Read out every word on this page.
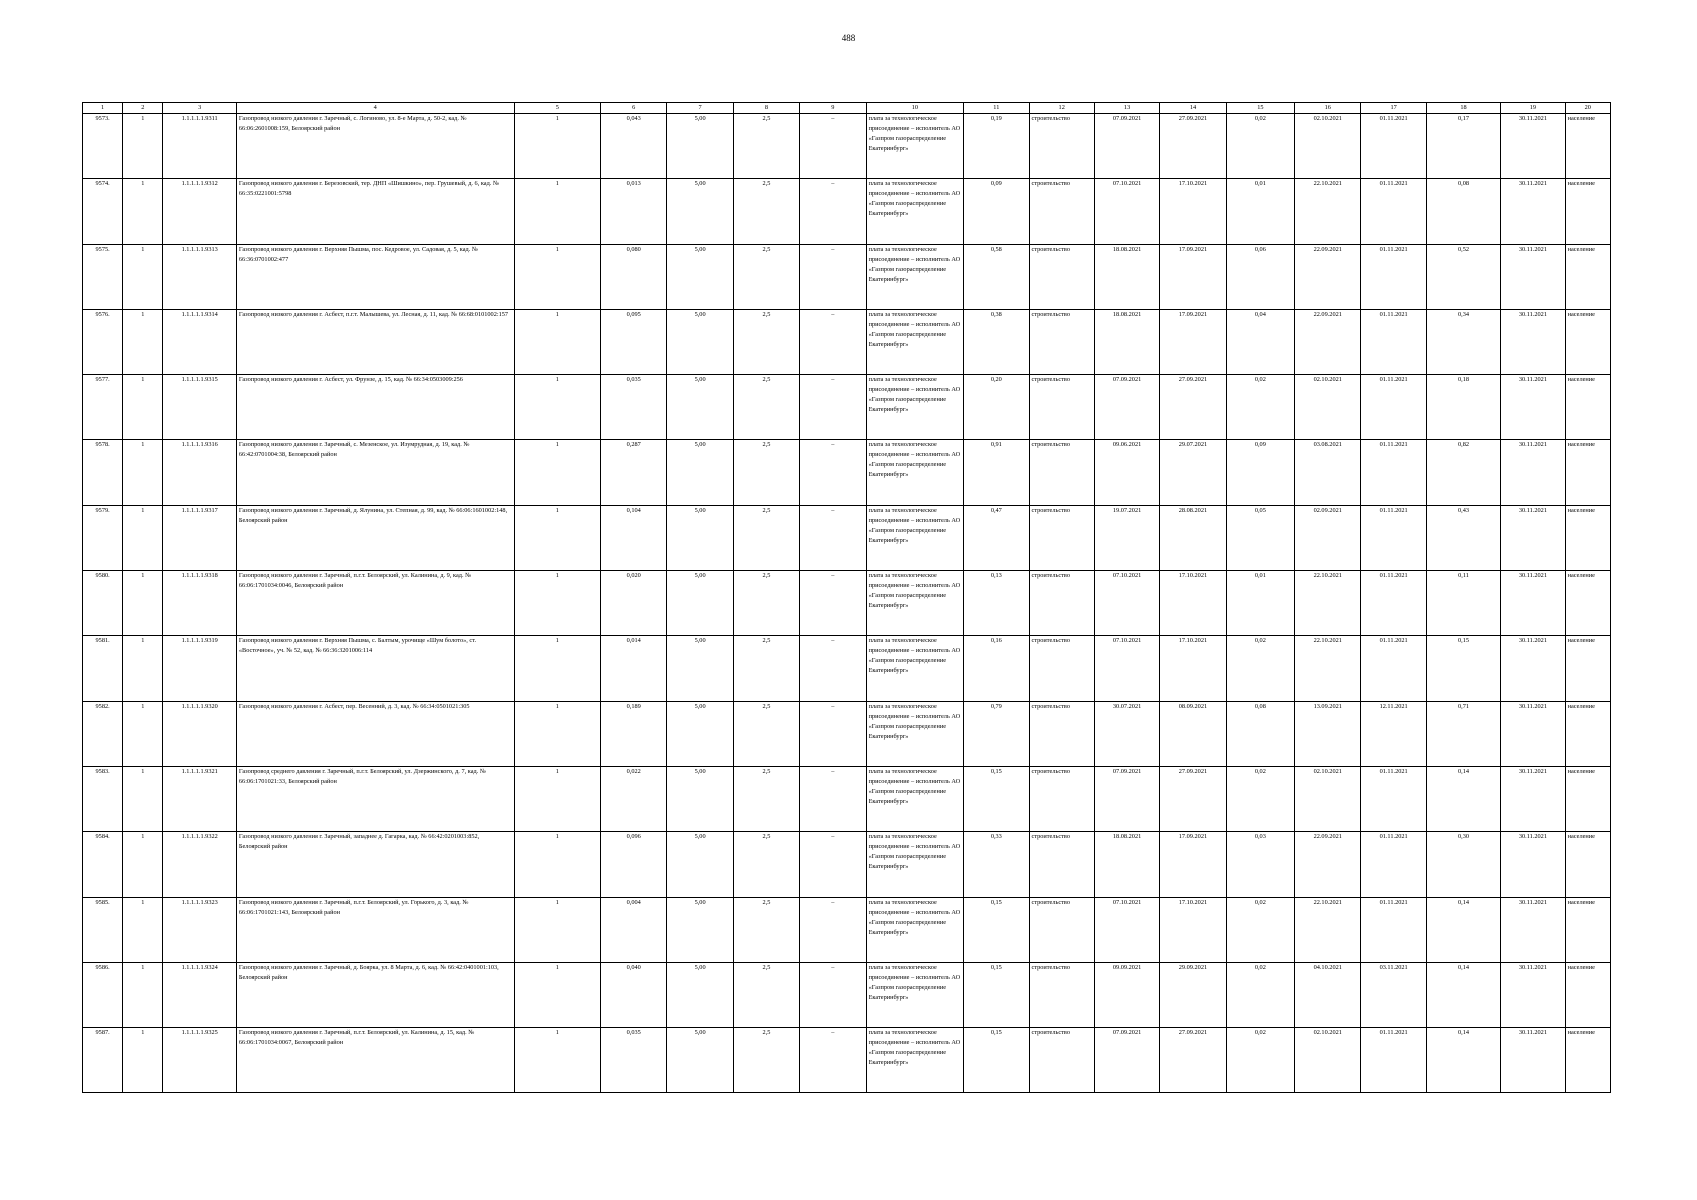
488
1	2	3	4	5	6	7	8	9	10	11	12	13	14	15	16	17	18	19	20
9573.	1	1.1.1.1.1.9311	Газопровод низкого давления г. Заречный, с. Логиново, ул. 8-е Марта, д. 50-2, кад. № 66:06:2601008:159, Белоярский район	1	0,043	5,00	2,5	–	плата за технологическое присоединение – исполнитель АО «Газпром газораспределение Екатеринбург»	0,19	строительство	07.09.2021	27.09.2021	0,02	02.10.2021	01.11.2021	0,17	30.11.2021	население
9574.	1	1.1.1.1.1.9312	Газопровод низкого давления г. Березовский, тер. ДНП «Шишкино», пер. Грушевый, д. 6, кад. № 66:35:0221001:5798	1	0,013	5,00	2,5	–	плата за технологическое присоединение – исполнитель АО «Газпром газораспределение Екатеринбург»	0,09	строительство	07.10.2021	17.10.2021	0,01	22.10.2021	01.11.2021	0,08	30.11.2021	население
9575.	1	1.1.1.1.1.9313	Газопровод низкого давления г. Верхняя Пышма, пос. Кедровое, ул. Садовая, д. 5, кад. № 66:36:0701002:477	1	0,080	5,00	2,5	–	плата за технологическое присоединение – исполнитель АО «Газпром газораспределение Екатеринбург»	0,58	строительство	18.08.2021	17.09.2021	0,06	22.09.2021	01.11.2021	0,52	30.11.2021	население
9576.	1	1.1.1.1.1.9314	Газопровод низкого давления г. Асбест, п.г.т. Малышева, ул. Лесная, д. 11, кад. № 66:68:0101002:157	1	0,095	5,00	2,5	–	плата за технологическое присоединение – исполнитель АО «Газпром газораспределение Екатеринбург»	0,38	строительство	18.08.2021	17.09.2021	0,04	22.09.2021	01.11.2021	0,34	30.11.2021	население
9577.	1	1.1.1.1.1.9315	Газопровод низкого давления г. Асбест, ул. Фрунзе, д. 15, кад. № 66:34:0503009:256	1	0,035	5,00	2,5	–	плата за технологическое присоединение – исполнитель АО «Газпром газораспределение Екатеринбург»	0,20	строительство	07.09.2021	27.09.2021	0,02	02.10.2021	01.11.2021	0,18	30.11.2021	население
9578.	1	1.1.1.1.1.9316	Газопровод низкого давления г. Заречный, с. Мезенское, ул. Изумрудная, д. 19, кад. № 66:42:0701004:38, Белоярский район	1	0,287	5,00	2,5	–	плата за технологическое присоединение – исполнитель АО «Газпром газораспределение Екатеринбург»	0,91	строительство	09.06.2021	29.07.2021	0,09	03.08.2021	01.11.2021	0,82	30.11.2021	население
9579.	1	1.1.1.1.1.9317	Газопровод низкого давления г. Заречный, д. Ялунина, ул. Степная, д. 99, кад. № 66:06:1601002:148, Белоярский район	1	0,104	5,00	2,5	–	плата за технологическое присоединение – исполнитель АО «Газпром газораспределение Екатеринбург»	0,47	строительство	19.07.2021	28.08.2021	0,05	02.09.2021	01.11.2021	0,43	30.11.2021	население
9580.	1	1.1.1.1.1.9318	Газопровод низкого давления г. Заречный, п.г.т. Белоярский, ул. Калинина, д. 9, кад. № 66:06:1701034:0046, Белоярский район	1	0,020	5,00	2,5	–	плата за технологическое присоединение – исполнитель АО «Газпром газораспределение Екатеринбург»	0,13	строительство	07.10.2021	17.10.2021	0,01	22.10.2021	01.11.2021	0,11	30.11.2021	население
9581.	1	1.1.1.1.1.9319	Газопровод низкого давления г. Верхняя Пышма, с. Балтым, урочище «Шум болото», ст. «Восточное», уч. № 52, кад. № 66:36:3201006:114	1	0,014	5,00	2,5	–	плата за технологическое присоединение – исполнитель АО «Газпром газораспределение Екатеринбург»	0,16	строительство	07.10.2021	17.10.2021	0,02	22.10.2021	01.11.2021	0,15	30.11.2021	население
9582.	1	1.1.1.1.1.9320	Газопровод низкого давления г. Асбест, пер. Весенний, д. 3, кад. № 66:34:0501021:305	1	0,189	5,00	2,5	–	плата за технологическое присоединение – исполнитель АО «Газпром газораспределение Екатеринбург»	0,79	строительство	30.07.2021	08.09.2021	0,08	13.09.2021	12.11.2021	0,71	30.11.2021	население
9583.	1	1.1.1.1.1.9321	Газопровод среднего давления г. Заречный, п.г.т. Белоярский, ул. Дзержинского, д. 7, кад. № 66:06:1701021:33, Белоярский район	1	0,022	5,00	2,5	–	плата за технологическое присоединение – исполнитель АО «Газпром газораспределение Екатеринбург»	0,15	строительство	07.09.2021	27.09.2021	0,02	02.10.2021	01.11.2021	0,14	30.11.2021	население
9584.	1	1.1.1.1.1.9322	Газопровод низкого давления г. Заречный, западнее д. Гагарка, кад. № 66:42:0201003:852, Белоярский район	1	0,096	5,00	2,5	–	плата за технологическое присоединение – исполнитель АО «Газпром газораспределение Екатеринбург»	0,33	строительство	18.08.2021	17.09.2021	0,03	22.09.2021	01.11.2021	0,30	30.11.2021	население
9585.	1	1.1.1.1.1.9323	Газопровод низкого давления г. Заречный, п.г.т. Белоярский, ул. Горького, д. 3, кад. № 66:06:1701021:143, Белоярский район	1	0,004	5,00	2,5	–	плата за технологическое присоединение – исполнитель АО «Газпром газораспределение Екатеринбург»	0,15	строительство	07.10.2021	17.10.2021	0,02	22.10.2021	01.11.2021	0,14	30.11.2021	население
9586.	1	1.1.1.1.1.9324	Газопровод низкого давления г. Заречный, д. Боярка, ул. 8 Марта, д. 6, кад. № 66:42:0401001:103, Белоярский район	1	0,040	5,00	2,5	–	плата за технологическое присоединение – исполнитель АО «Газпром газораспределение Екатеринбург»	0,15	строительство	09.09.2021	29.09.2021	0,02	04.10.2021	03.11.2021	0,14	30.11.2021	население
9587.	1	1.1.1.1.1.9325	Газопровод низкого давления г. Заречный, п.г.т. Белоярский, ул. Калинина, д. 15, кад. № 66:06:1701034:0067, Белоярский район	1	0,035	5,00	2,5	–	плата за технологическое присоединение – исполнитель АО «Газпром газораспределение Екатеринбург»	0,15	строительство	07.09.2021	27.09.2021	0,02	02.10.2021	01.11.2021	0,14	30.11.2021	население
